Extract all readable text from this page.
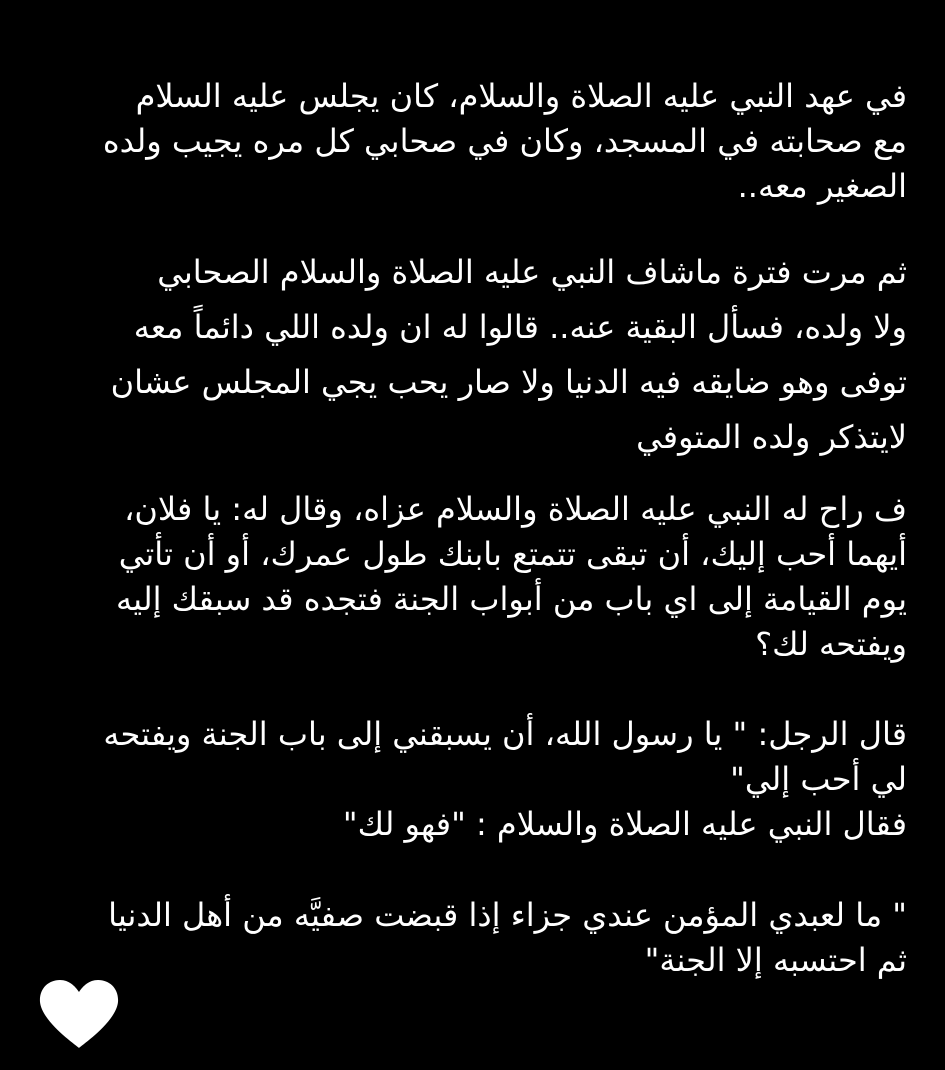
في عهد النبي عليه الصلاة والسلام، كان يجلس عليه السلام
مع صحابته في المسجد، وكان في صحابي كل مره يجيب ولده
الصغير معه..
ثم مرت فترة ماشاف النبي عليه الصلاة والسلام الصحابي
ولا ولده، فسأل البقية عنه.. قالوا له ان ولده اللي دائماً معه
توفى وهو ضايقه فيه الدنيا ولا صار يحب يجي المجلس عشان
لايتذكر ولده المتوفي
ف راح له النبي عليه الصلاة والسلام عزاه، وقال له: يا فلان،
أيهما أحب إليك، أن تبقى تتمتع بابنك طول عمرك، أو أن تأتي
يوم القيامة إلى اي باب من أبواب الجنة فتجده قد سبقك إليه
ويفتحه لك؟
قال الرجل: " يا رسول الله، أن يسبقني إلى باب الجنة ويفتحه
لي أحب إلي"
فقال النبي عليه الصلاة والسلام : "فهو لك"
" ما لعبدي المؤمن عندي جزاء إذا قبضت صفيَّه من أهل الدنيا
ثم احتسبه إلا الجنة"
